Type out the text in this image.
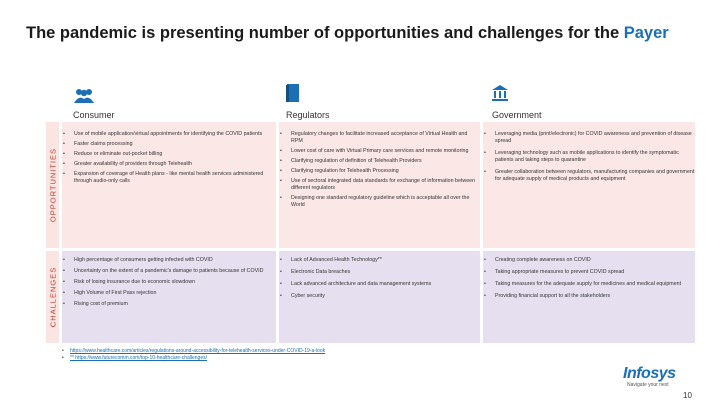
The pandemic is presenting number of opportunities and challenges for the Payer
Consumer	Regulators	Government
OPPORTUNITIES
CHALLENGES
• Use of mobile application/virtual appointments for identifying the COVID patients
• Faster claims processing
• Reduce or eliminate out-pocket billing
• Greater availability of providers through Telehealth
• Expansion of coverage of Health plans - like mental health services administered through audio-only calls
• Regulatory changes to facilitate increased acceptance of Virtual Health and RPM
• Lower cost of care with Virtual Primary care services and remote monitoring
• Clarifying regulation of definition of Telehealth Providers
• Clarifying regulation for Telehealth Processing
• Use of sectoral integrated data standards for exchange of information between different regulators
• Designing one standard regulatory guideline which is acceptable all over the World
• Leveraging media (print/electronic) for COVID awareness and prevention of disease spread
• Leveraging technology such as mobile applications to identify the symptomatic patients and taking steps to quarantine
• Greater collaboration between regulators, manufacturing companies and government for adequate supply of medical products and equipment
• High percentage of consumers getting infected with COVID
• Uncertainty on the extent of a pandemic's damage to patients because of COVID
• Risk of losing insurance due to economic slowdown
• High Volume of First Pass rejection
• Rising cost of premium
• Lack of Advanced Health Technology**
• Electronic Data breaches
• Lack advanced architecture and data management systems
• Cyber security
• Creating complete awareness on COVID
• Taking appropriate measures to prevent COVID spread
• Taking measures for the adequate supply for medicines and medical equipment
• Providing financial support to all the stakeholders
• https://www.healthcare.com/articles/regulations-around-accessibility-for-telehealth-services-under-COVID-19-a-look
• ** https://www.futurecomm.com/top-10-healthcare-challenges/
Infosys
Navigate your next
10
